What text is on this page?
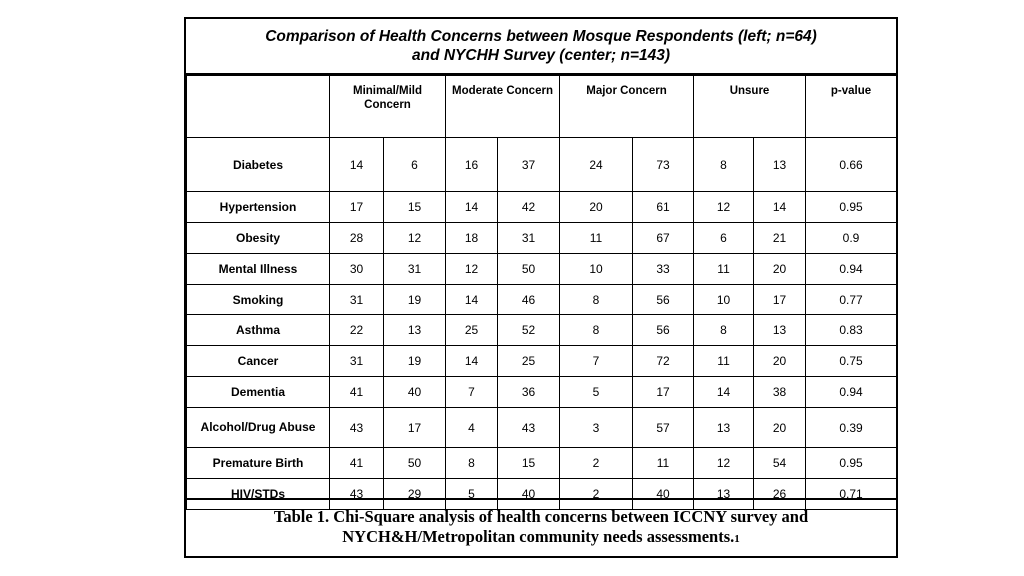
Comparison of Health Concerns between Mosque Respondents (left; n=64)
and NYCHH Survey (center; n=143)
	Minimal/Mild Concern		Moderate Concern		Major Concern		Unsure		p-value
Diabetes	14	6	16	37	24	73	8	13	0.66
Hypertension	17	15	14	42	20	61	12	14	0.95
Obesity	28	12	18	31	11	67	6	21	0.9
Mental Illness	30	31	12	50	10	33	11	20	0.94
Smoking	31	19	14	46	8	56	10	17	0.77
Asthma	22	13	25	52	8	56	8	13	0.83
Cancer	31	19	14	25	7	72	11	20	0.75
Dementia	41	40	7	36	5	17	14	38	0.94
Alcohol/Drug Abuse	43	17	4	43	3	57	13	20	0.39
Premature Birth	41	50	8	15	2	11	12	54	0.95
HIV/STDs	43	29	5	40	2	40	13	26	0.71
Table 1. Chi-Square analysis of health concerns between ICCNY survey and
NYCH&H/Metropolitan community needs assessments.1
